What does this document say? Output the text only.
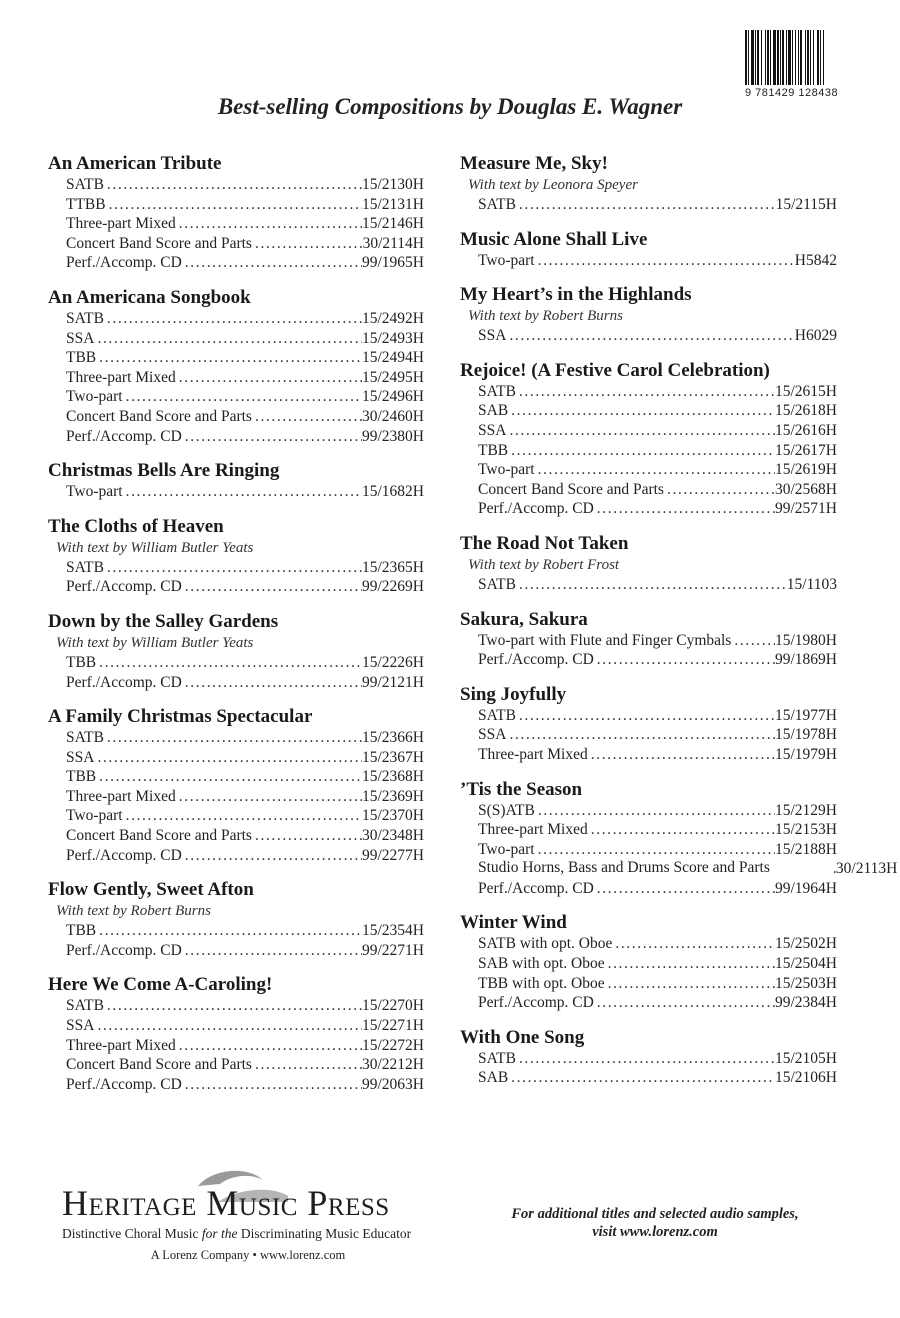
9 781429 128438
Best-selling Compositions by Douglas E. Wagner
An American Tribute
SATB .....	15/2130H
TTBB .....	15/2131H
Three-part Mixed .....	15/2146H
Concert Band Score and Parts .....	30/2114H
Perf./Accomp. CD .....	99/1965H
An Americana Songbook
SATB .....	15/2492H
SSA .....	15/2493H
TBB .....	15/2494H
Three-part Mixed .....	15/2495H
Two-part .....	15/2496H
Concert Band Score and Parts .....	30/2460H
Perf./Accomp. CD .....	99/2380H
Christmas Bells Are Ringing
Two-part .....	15/1682H
The Cloths of Heaven
With text by William Butler Yeats
SATB .....	15/2365H
Perf./Accomp. CD .....	99/2269H
Down by the Salley Gardens
With text by William Butler Yeats
TBB .....	15/2226H
Perf./Accomp. CD .....	99/2121H
A Family Christmas Spectacular
SATB .....	15/2366H
SSA .....	15/2367H
TBB .....	15/2368H
Three-part Mixed .....	15/2369H
Two-part .....	15/2370H
Concert Band Score and Parts .....	30/2348H
Perf./Accomp. CD .....	99/2277H
Flow Gently, Sweet Afton
With text by Robert Burns
TBB .....	15/2354H
Perf./Accomp. CD .....	99/2271H
Here We Come A-Caroling!
SATB .....	15/2270H
SSA .....	15/2271H
Three-part Mixed .....	15/2272H
Concert Band Score and Parts .....	30/2212H
Perf./Accomp. CD .....	99/2063H
Measure Me, Sky!
With text by Leonora Speyer
SATB .....	15/2115H
Music Alone Shall Live
Two-part .....	H5842
My Heart’s in the Highlands
With text by Robert Burns
SSA .....	H6029
Rejoice! (A Festive Carol Celebration)
SATB .....	15/2615H
SAB .....	15/2618H
SSA .....	15/2616H
TBB .....	15/2617H
Two-part .....	15/2619H
Concert Band Score and Parts .....	30/2568H
Perf./Accomp. CD .....	99/2571H
The Road Not Taken
With text by Robert Frost
SATB .....	15/1103
Sakura, Sakura
Two-part with Flute and Finger Cymbals .....	15/1980H
Perf./Accomp. CD .....	99/1869H
Sing Joyfully
SATB .....	15/1977H
SSA .....	15/1978H
Three-part Mixed .....	15/1979H
’Tis the Season
S(S)ATB .....	15/2129H
Three-part Mixed .....	15/2153H
Two-part .....	15/2188H
Studio Horns, Bass and Drums Score and Parts .....	30/2113H
Perf./Accomp. CD .....	99/1964H
Winter Wind
SATB with opt. Oboe .....	15/2502H
SAB with opt. Oboe .....	15/2504H
TBB with opt. Oboe .....	15/2503H
Perf./Accomp. CD .....	99/2384H
With One Song
SATB .....	15/2105H
SAB .....	15/2106H
Heritage Music Press
Distinctive Choral Music for the Discriminating Music Educator
A Lorenz Company • www.lorenz.com
For additional titles and selected audio samples,
visit www.lorenz.com
